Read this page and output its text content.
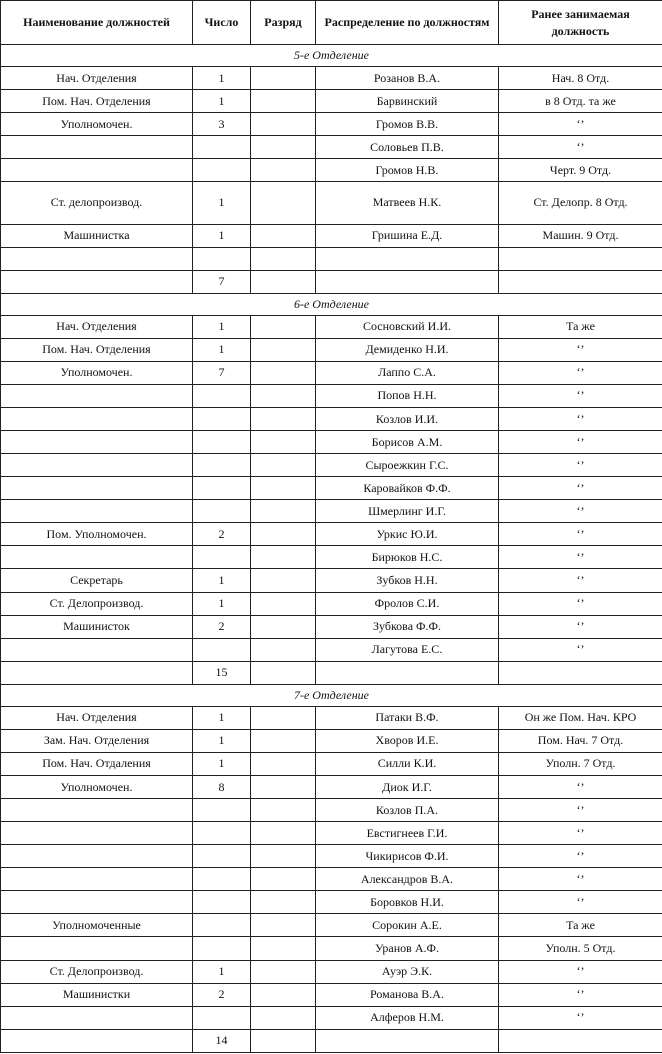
Наименование должностей	Число	Разряд	Распределение по должностям	Ранее занимаемая должность
5-е Отделение				
Нач. Отделения	1		Розанов В.А.	Нач. 8 Отд.
Пом. Нач. Отделения	1		Барвинский	в 8 Отд. та же
Уполномочен.	3		Громов В.В.	‘’
			Соловьев П.В.	‘’
			Громов Н.В.	Черт. 9 Отд.
Ст. делопроизвод.	1		Матвеев Н.К.	Ст. Делопр. 8 Отд.
Машинистка	1		Гришина Е.Д.	Машин. 9 Отд.

	7			
6-е Отделение				
Нач. Отделения	1		Сосновский И.И.	Та же
Пом. Нач. Отделения	1		Демиденко Н.И.	‘’
Уполномочен.	7		Лаппо С.А.	‘’
			Попов Н.Н.	‘’
			Козлов И.И.	‘’
			Борисов А.М.	‘’
			Сыроежкин Г.С.	‘’
			Каровайков Ф.Ф.	‘’
			Шмерлинг И.Г.	‘’
Пом. Уполномочен.	2		Уркис Ю.И.	‘’
			Бирюков Н.С.	‘’
Секретарь	1		Зубков Н.Н.	‘’
Ст. Делопроизвод.	1		Фролов С.И.	‘’
Машинисток	2		Зубкова Ф.Ф.	‘’
			Лагутова Е.С.	‘’
	15			
7-е Отделение				
Нач. Отделения	1		Патаки В.Ф.	Он же Пом. Нач. КРО
Зам. Нач. Отделения	1		Хворов И.Е.	Пом. Нач. 7 Отд.
Пом. Нач. Отдаления	1		Силли К.И.	Уполн. 7 Отд.
Уполномочен.	8		Диок И.Г.	‘’
			Козлов П.А.	‘’
			Евстигнеев Г.И.	‘’
			Чикирисов Ф.И.	‘’
			Александров В.А.	‘’
			Боровков Н.И.	‘’
Уполномоченные			Сорокин А.Е.	Та же
			Уранов А.Ф.	Уполн. 5 Отд.
Ст. Делопроизвод.	1		Ауэр Э.К.	‘’
Машинистки	2		Романова В.А.	‘’
			Алферов Н.М.	‘’
	14			
